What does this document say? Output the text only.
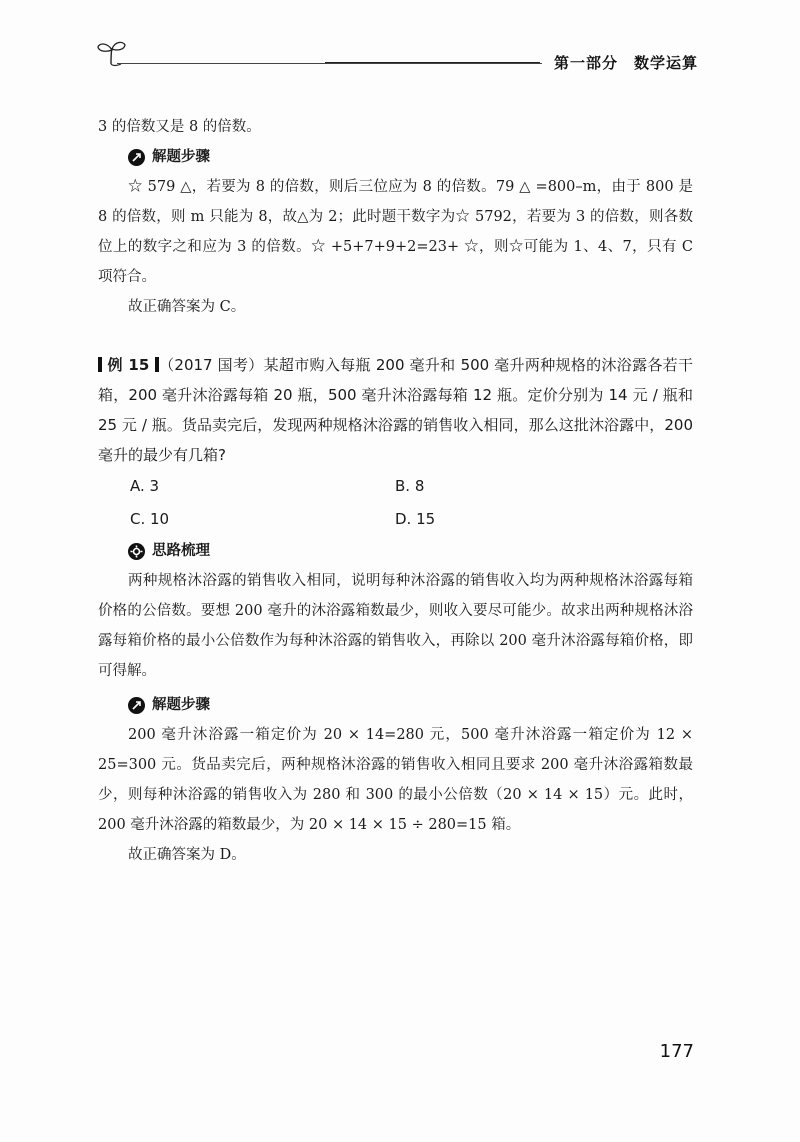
第一部分　数学运算

3 的倍数又是 8 的倍数。

解题步骤

☆ 579 △，若要为 8 的倍数，则后三位应为 8 的倍数。79 △ =800–m，由于 800 是 8 的倍数，则 m 只能为 8，故△为 2；此时题干数字为☆ 5792，若要为 3 的倍数，则各数位上的数字之和应为 3 的倍数。☆ +5+7+9+2=23+ ☆，则☆可能为 1、4、7，只有 C 项符合。

故正确答案为 C。

例 15 （2017 国考）某超市购入每瓶 200 毫升和 500 毫升两种规格的沐浴露各若干箱，200 毫升沐浴露每箱 20 瓶，500 毫升沐浴露每箱 12 瓶。定价分别为 14 元 / 瓶和 25 元 / 瓶。货品卖完后，发现两种规格沐浴露的销售收入相同，那么这批沐浴露中，200 毫升的最少有几箱?

A. 3	B. 8
C. 10	D. 15
思路梳理

两种规格沐浴露的销售收入相同，说明每种沐浴露的销售收入均为两种规格沐浴露每箱价格的公倍数。要想 200 毫升的沐浴露箱数最少，则收入要尽可能少。故求出两种规格沐浴露每箱价格的最小公倍数作为每种沐浴露的销售收入，再除以 200 毫升沐浴露每箱价格，即可得解。

解题步骤

200 毫升沐浴露一箱定价为 20 × 14=280 元，500 毫升沐浴露一箱定价为 12 × 25=300 元。货品卖完后，两种规格沐浴露的销售收入相同且要求 200 毫升沐浴露箱数最少，则每种沐浴露的销售收入为 280 和 300 的最小公倍数（20 × 14 × 15）元。此时，200 毫升沐浴露的箱数最少，为 20 × 14 × 15 ÷ 280=15 箱。

故正确答案为 D。

177
